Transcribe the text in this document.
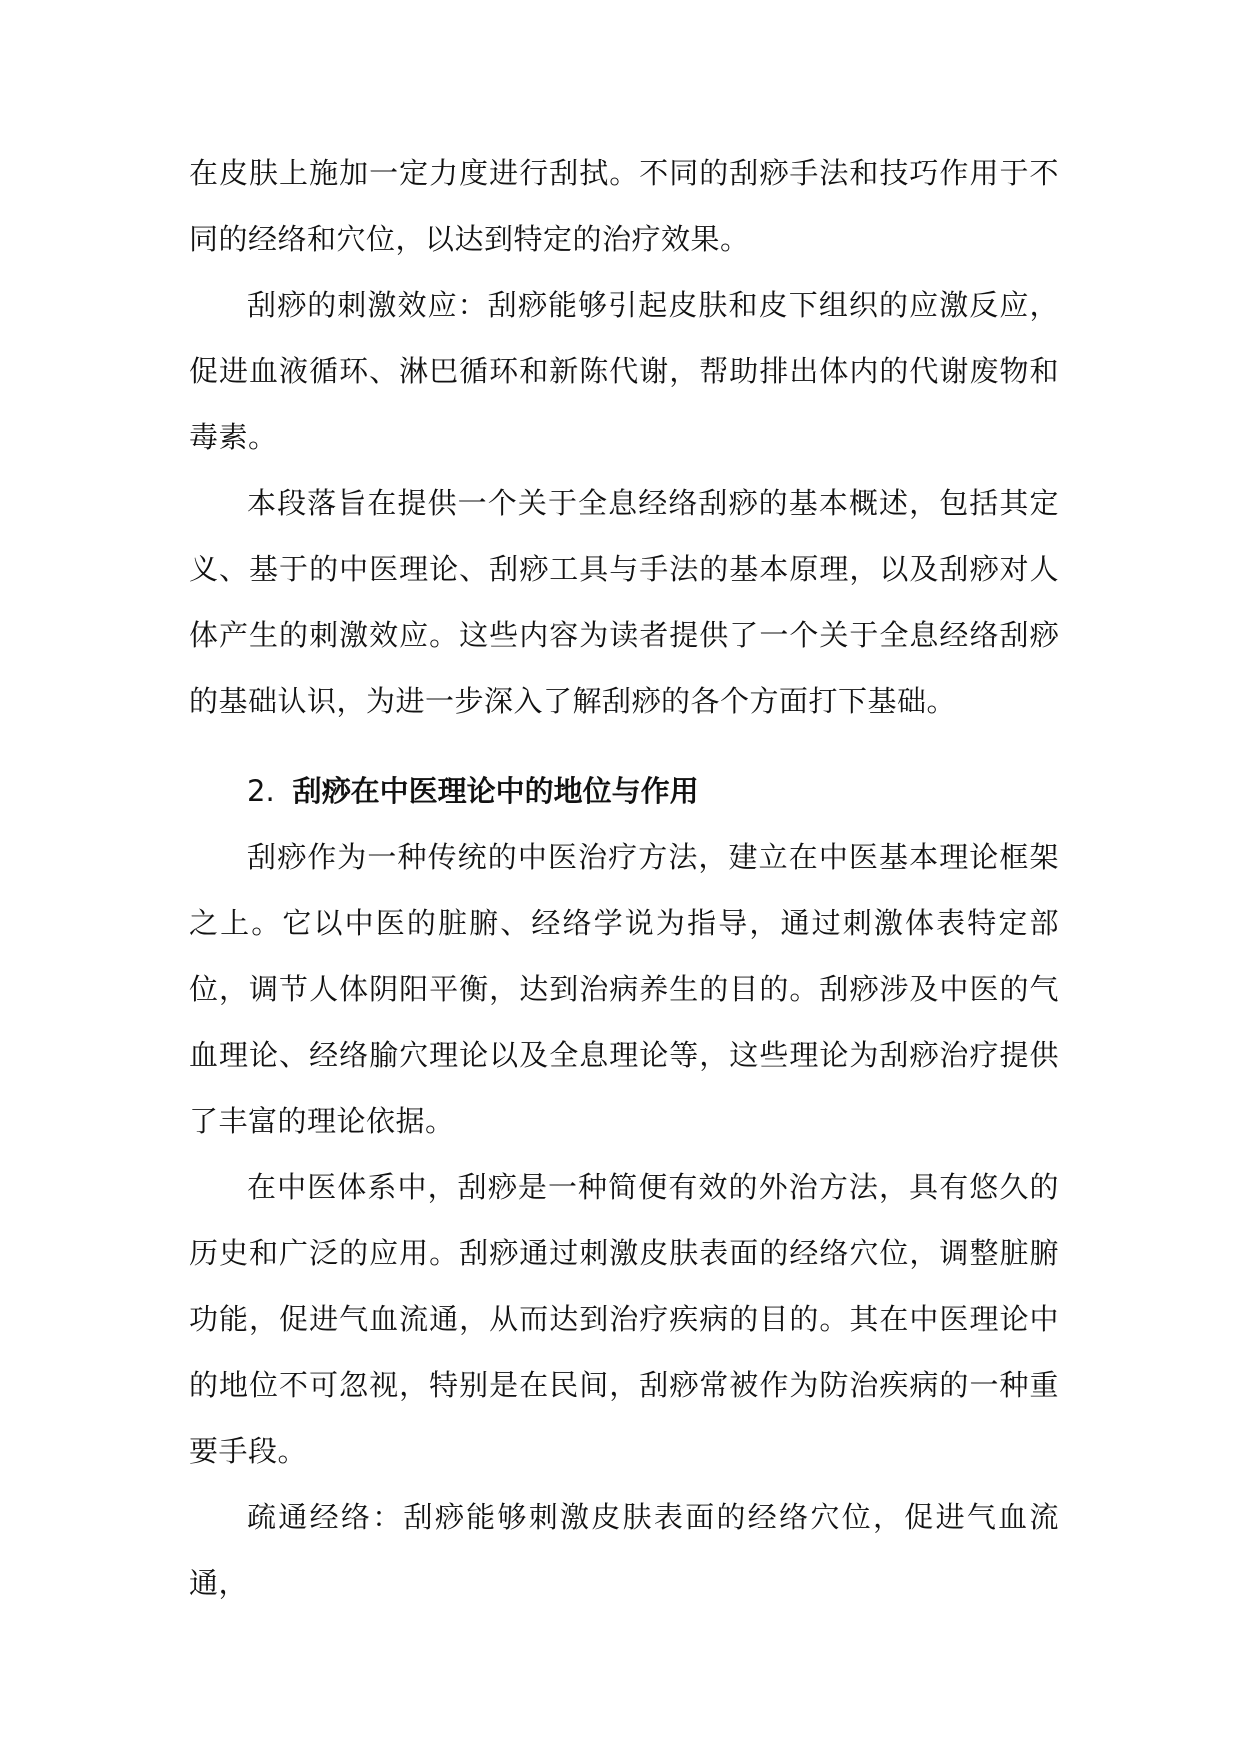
在皮肤上施加一定力度进行刮拭。不同的刮痧手法和技巧作用于不同的经络和穴位，以达到特定的治疗效果。

刮痧的刺激效应：刮痧能够引起皮肤和皮下组织的应激反应，促进血液循环、淋巴循环和新陈代谢，帮助排出体内的代谢废物和毒素。

本段落旨在提供一个关于全息经络刮痧的基本概述，包括其定义、基于的中医理论、刮痧工具与手法的基本原理，以及刮痧对人体产生的刺激效应。这些内容为读者提供了一个关于全息经络刮痧的基础认识，为进一步深入了解刮痧的各个方面打下基础。

2. 刮痧在中医理论中的地位与作用

刮痧作为一种传统的中医治疗方法，建立在中医基本理论框架之上。它以中医的脏腑、经络学说为指导，通过刺激体表特定部位，调节人体阴阳平衡，达到治病养生的目的。刮痧涉及中医的气血理论、经络腧穴理论以及全息理论等，这些理论为刮痧治疗提供了丰富的理论依据。

在中医体系中，刮痧是一种简便有效的外治方法，具有悠久的历史和广泛的应用。刮痧通过刺激皮肤表面的经络穴位，调整脏腑功能，促进气血流通，从而达到治疗疾病的目的。其在中医理论中的地位不可忽视，特别是在民间，刮痧常被作为防治疾病的一种重要手段。

疏通经络：刮痧能够刺激皮肤表面的经络穴位，促进气血流通，
